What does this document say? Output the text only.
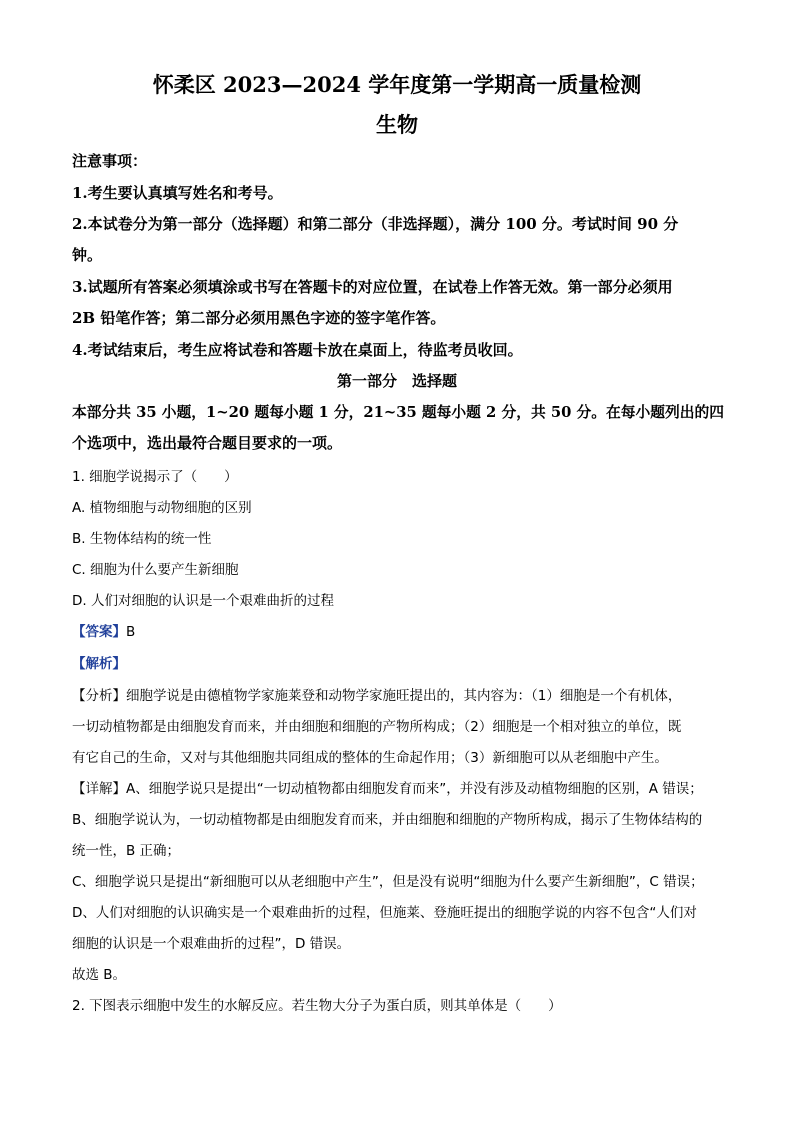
怀柔区 2023—2024 学年度第一学期高一质量检测
生物
注意事项：
1.考生要认真填写姓名和考号。
2.本试卷分为第一部分（选择题）和第二部分（非选择题），满分 100 分。考试时间 90 分
钟。
3.试题所有答案必须填涂或书写在答题卡的对应位置，在试卷上作答无效。第一部分必须用
2B 铅笔作答；第二部分必须用黑色字迹的签字笔作答。
4.考试结束后，考生应将试卷和答题卡放在桌面上，待监考员收回。
第一部分　选择题
本部分共 35 小题，1~20 题每小题 1 分，21~35 题每小题 2 分，共 50 分。在每小题列出的四
个选项中，选出最符合题目要求的一项。
1. 细胞学说揭示了（　　）
A. 植物细胞与动物细胞的区别
B. 生物体结构的统一性
C. 细胞为什么要产生新细胞
D. 人们对细胞的认识是一个艰难曲折的过程
【答案】B
【解析】
【分析】细胞学说是由德植物学家施莱登和动物学家施旺提出的，其内容为：（1）细胞是一个有机体，
一切动植物都是由细胞发育而来，并由细胞和细胞的产物所构成；（2）细胞是一个相对独立的单位，既
有它自己的生命，又对与其他细胞共同组成的整体的生命起作用；（3）新细胞可以从老细胞中产生。
【详解】A、细胞学说只是提出“一切动植物都由细胞发育而来”，并没有涉及动植物细胞的区别，A 错误；
B、细胞学说认为，一切动植物都是由细胞发育而来，并由细胞和细胞的产物所构成，揭示了生物体结构的
统一性，B 正确；
C、细胞学说只是提出“新细胞可以从老细胞中产生”，但是没有说明“细胞为什么要产生新细胞”，C 错误；
D、人们对细胞的认识确实是一个艰难曲折的过程，但施莱、登施旺提出的细胞学说的内容不包含“人们对
细胞的认识是一个艰难曲折的过程”，D 错误。
故选 B。
2. 下图表示细胞中发生的水解反应。若生物大分子为蛋白质，则其单体是（　　）
